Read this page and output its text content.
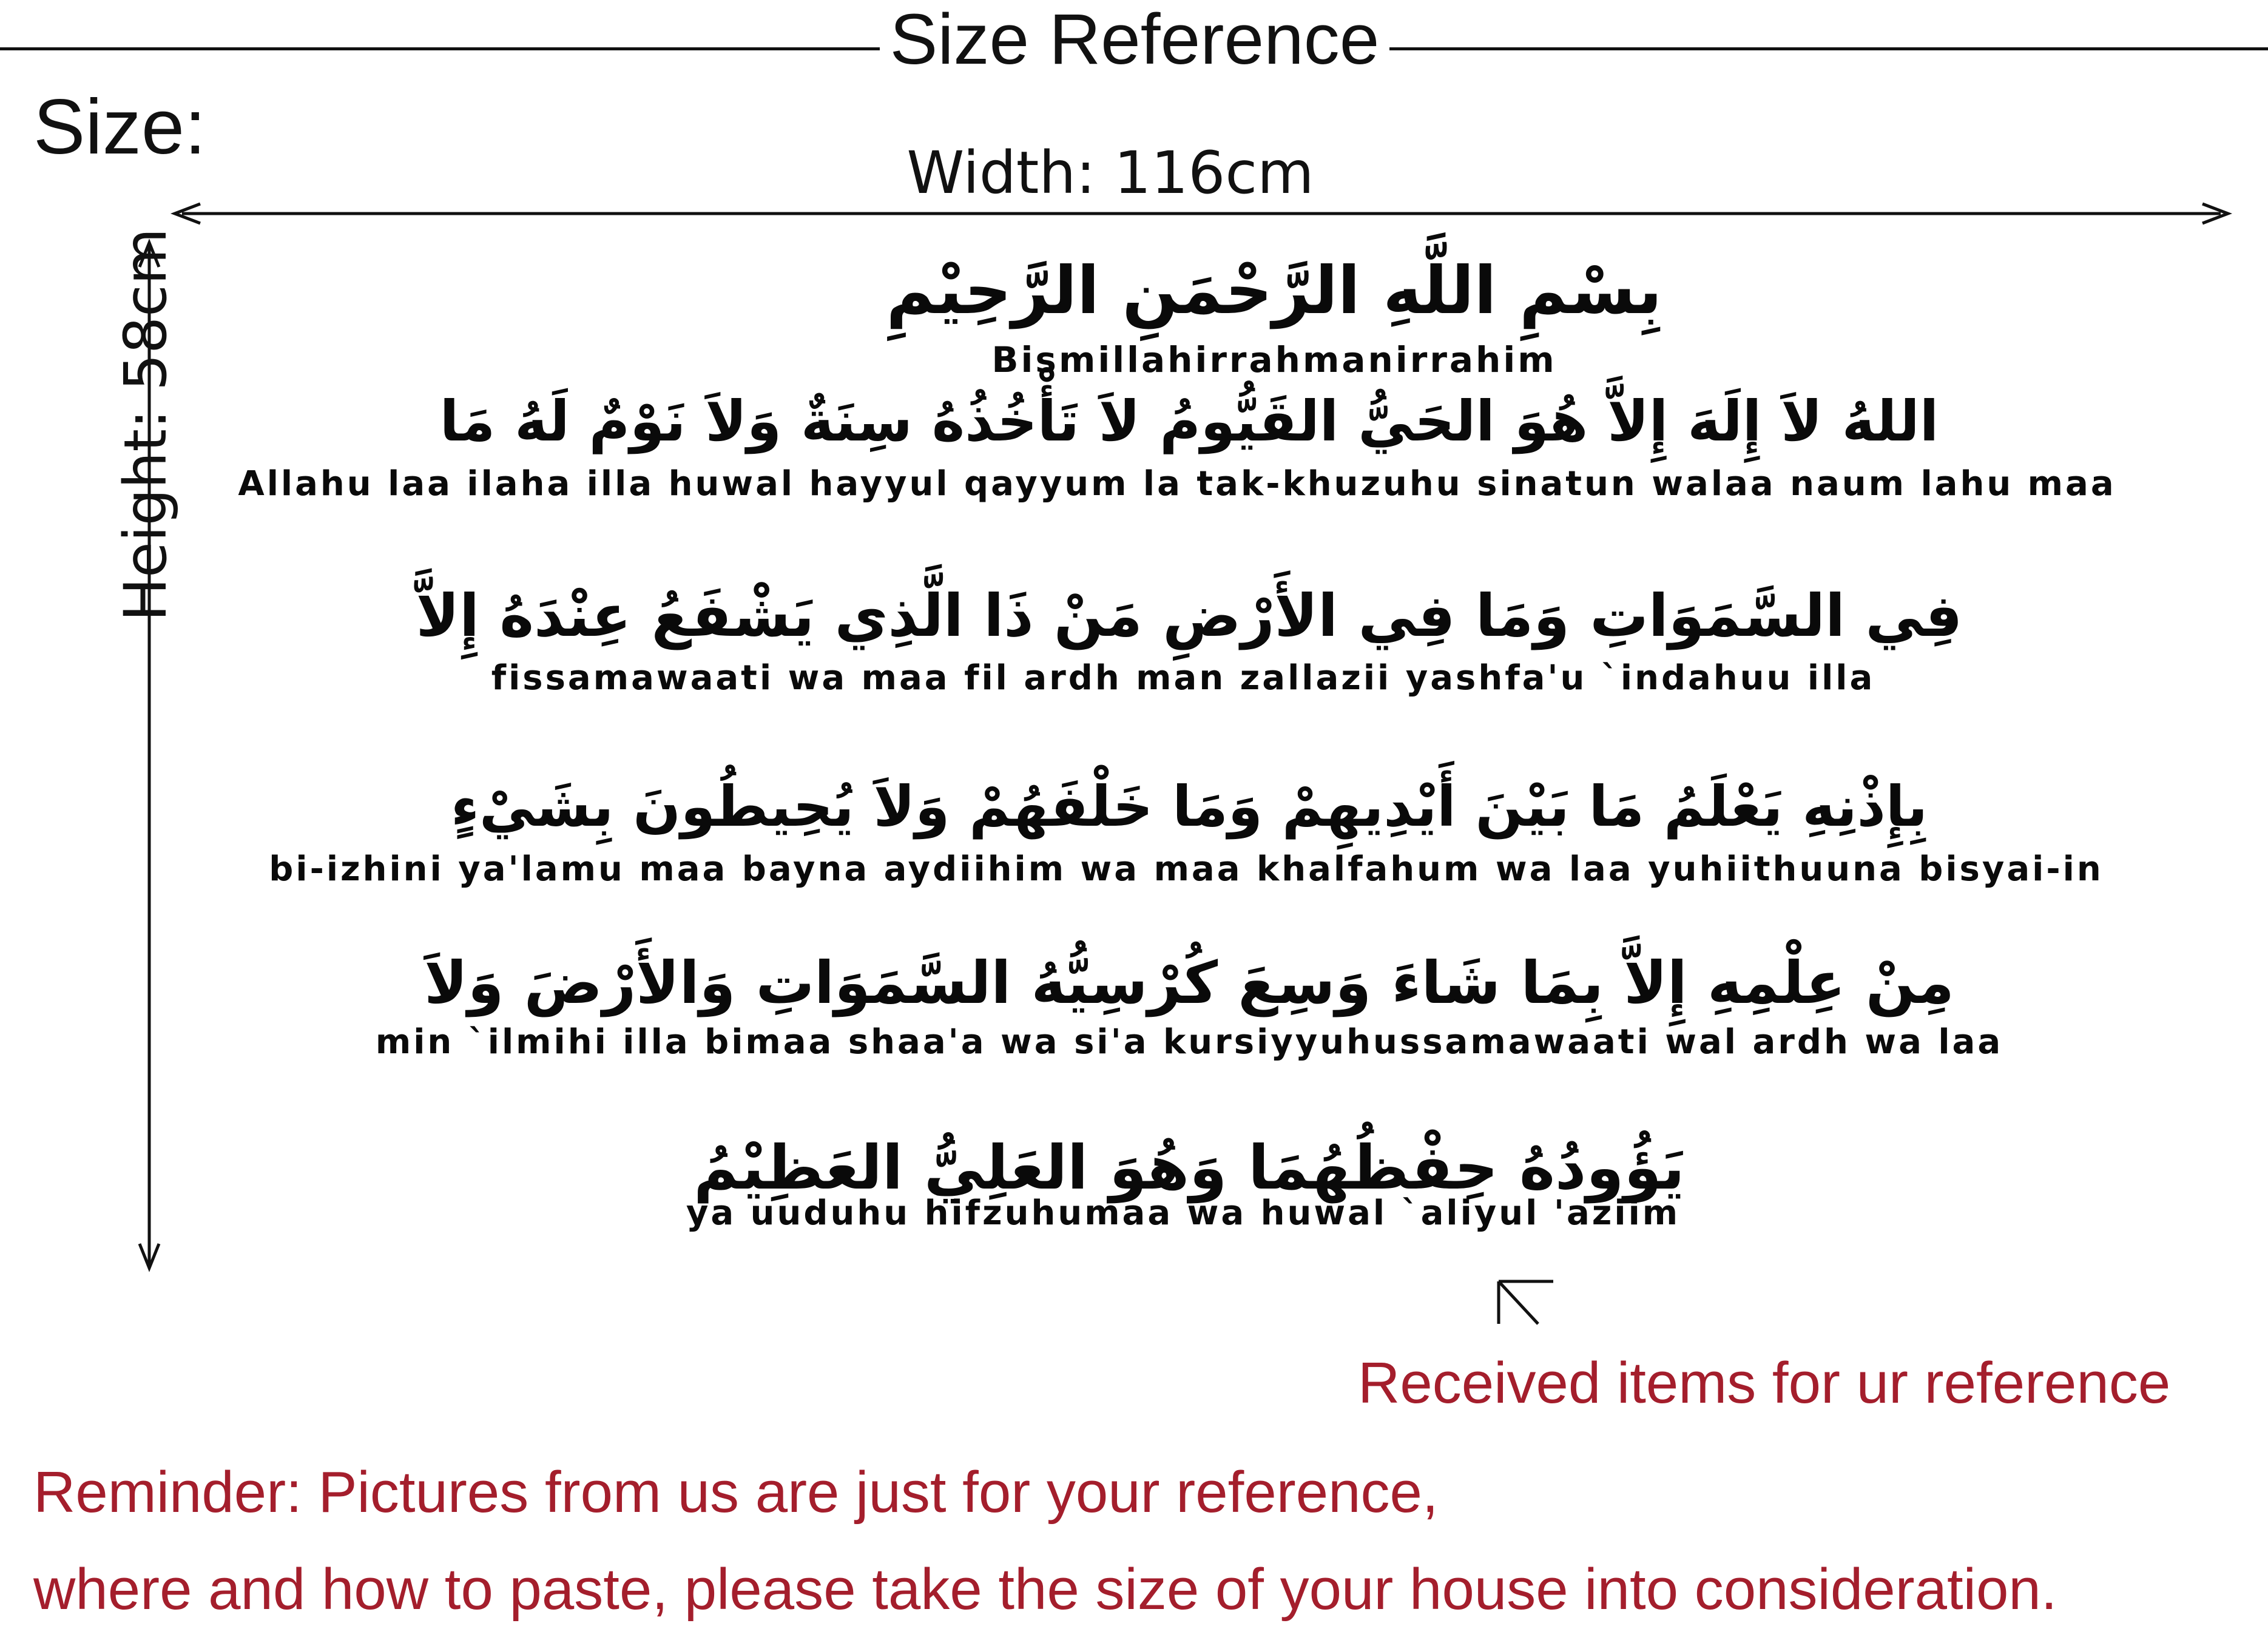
Size Reference
Size:
Width: 116cm
Height: 58cm	بِسْمِ اللَّهِ الرَّحْمَنِ الرَّحِيْمِ
Bismillahirrahmanirrahim
اللهُ لاَ إِلَهَ إِلاَّ هُوَ الحَيُّ القَيُّومُ لاَ تَأْخُذُهُ سِنَةٌ وَلاَ نَوْمٌ لَهُ مَا
Allahu laa ilaha illa huwal hayyul qayyum la tak-khuzuhu sinatun walaa naum lahu maa
فِي السَّمَوَاتِ وَمَا فِي الأَرْضِ مَنْ ذَا الَّذِي يَشْفَعُ عِنْدَهُ إِلاَّ
fissamawaati wa maa fil ardh man zallazii yashfa'u `indahuu illa
بِإِذْنِهِ يَعْلَمُ مَا بَيْنَ أَيْدِيهِمْ وَمَا خَلْفَهُمْ وَلاَ يُحِيطُونَ بِشَيْءٍ
bi-izhini ya'lamu maa bayna aydiihim wa maa khalfahum wa laa yuhiithuuna bisyai-in
مِنْ عِلْمِهِ إِلاَّ بِمَا شَاءَ وَسِعَ كُرْسِيُّهُ السَّمَوَاتِ وَالأَرْضَ وَلاَ
min `ilmihi illa bimaa shaa'a wa si'a kursiyyuhussamawaati wal ardh wa laa
يَؤُودُهُ حِفْظُهُمَا وَهُوَ العَلِيُّ العَظِيْمُ
ya uuduhu hifzuhumaa wa huwal `aliyul 'aziim
Received items for ur reference
Reminder: Pictures from us are just for your reference,
where and how to paste, please take the size of your house into consideration.
